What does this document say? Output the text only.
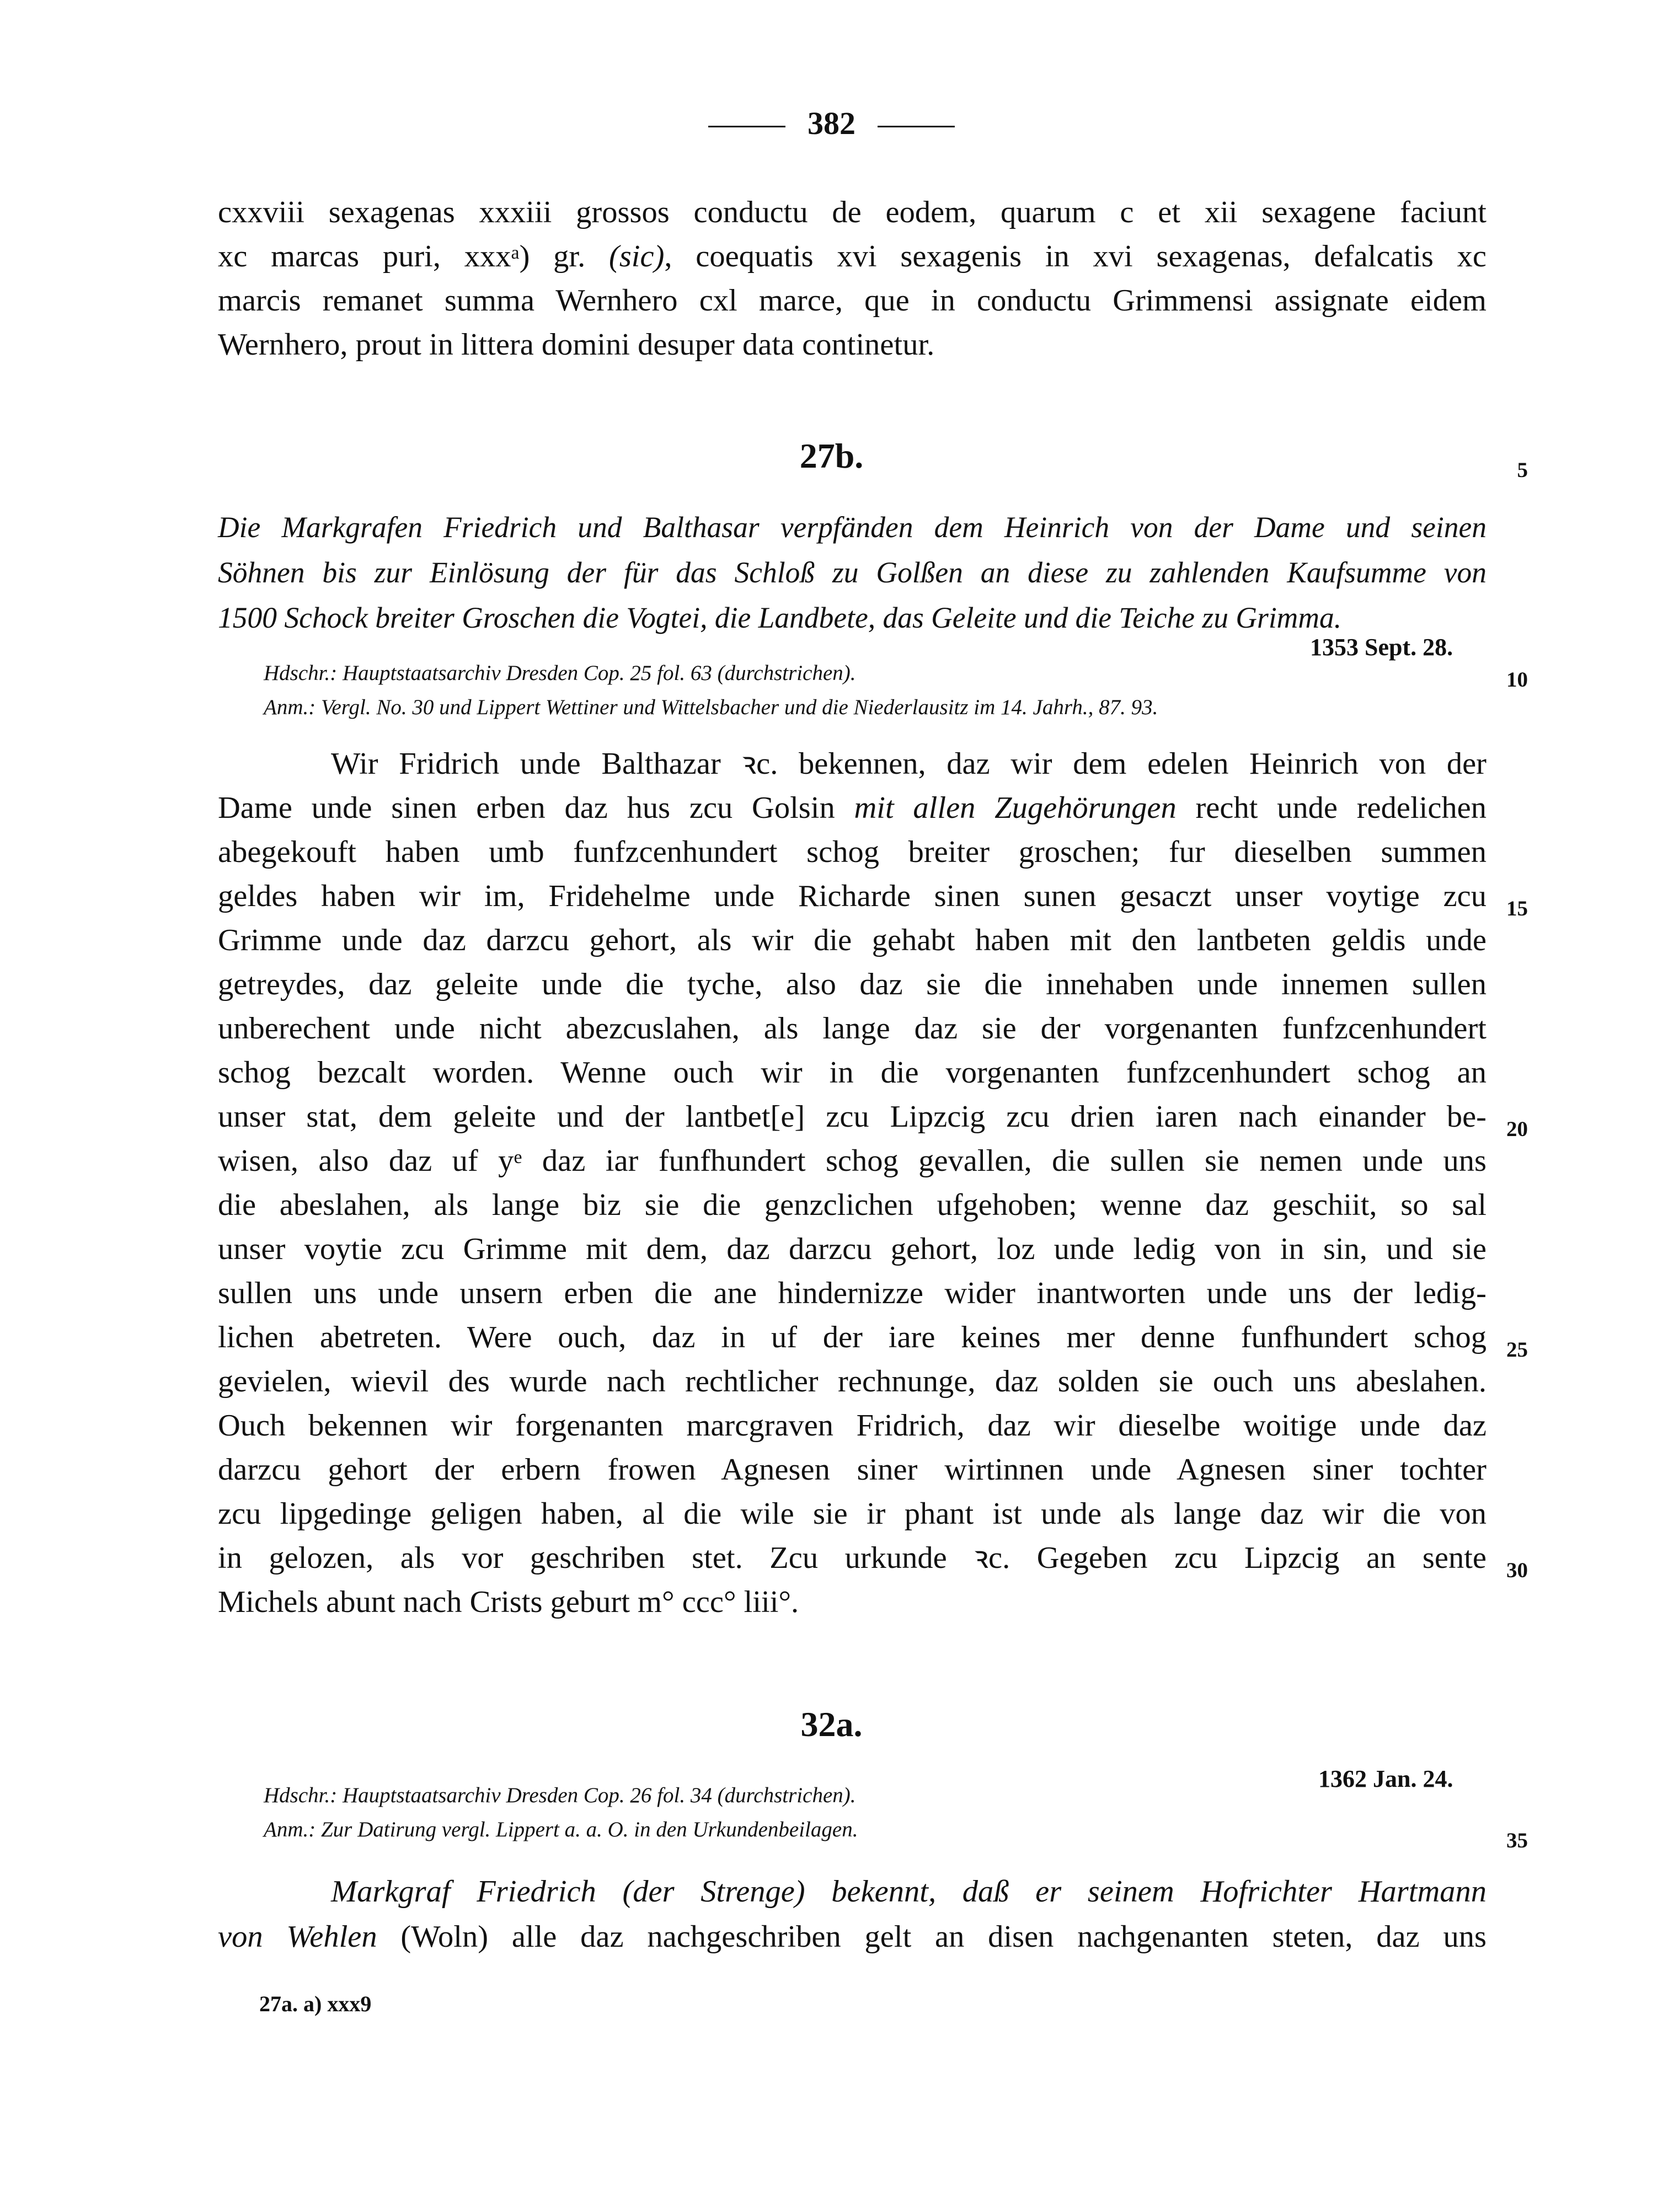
382
cxxviii sexagenas xxxiii grossos conductu de eodem, quarum c et xii sexagene faciunt
xc marcas puri, xxx$^a$) gr. (sic), coequatis xvi sexagenis in xvi sexagenas, defalcatis xc
marcis remanet summa Wernhero cxl marce, que in conductu Grimmensi assignate eidem
Wernhero, prout in littera domini desuper data continetur.
27b.
Die Markgrafen Friedrich und Balthasar verpfänden dem Heinrich von der Dame und seinen
Söhnen bis zur Einlösung der für das Schloß zu Golßen an diese zu zahlenden Kaufsumme von
1500 Schock breiter Groschen die Vogtei, die Landbete, das Geleite und die Teiche zu Grimma.
1353 Sept. 28.
Hdschr.: Hauptstaatsarchiv Dresden Cop. 25 fol. 63 (durchstrichen).
Anm.: Vergl. No. 30 und Lippert Wettiner und Wittelsbacher und die Niederlausitz im 14. Jahrh., 87. 93.
Wir Fridrich unde Balthazar ꝛc. bekennen, daz wir dem edelen Heinrich von der
Dame unde sinen erben daz hus zcu Golsin mit allen Zugehörungen recht unde redelichen
abegekouft haben umb funfzcenhundert schog breiter groschen; fur dieselben summen
geldes haben wir im, Fridehelme unde Richarde sinen sunen gesaczt unser voytige zcu
Grimme unde daz darzcu gehort, als wir die gehabt haben mit den lantbeten geldis unde
getreydes, daz geleite unde die tyche, also daz sie die innehaben unde innemen sullen
unberechent unde nicht abezcuslahen, als lange daz sie der vorgenanten funfzcenhundert
schog bezcalt worden. Wenne ouch wir in die vorgenanten funfzcenhundert schog an
unser stat, dem geleite und der lantbet[e] zcu Lipzcig zcu drien iaren nach einander be-
wisen, also daz uf $y^e$ daz iar funfhundert schog gevallen, die sullen sie nemen unde uns
die abeslahen, als lange biz sie die genzclichen ufgehoben; wenne daz geschiit, so sal
unser voytie zcu Grimme mit dem, daz darzcu gehort, loz unde ledig von in sin, und sie
sullen uns unde unsern erben die ane hindernizze wider inantworten unde uns der ledig-
lichen abetreten. Were ouch, daz in uf der iare keines mer denne funfhundert schog
gevielen, wievil des wurde nach rechtlicher rechnunge, daz solden sie ouch uns abeslahen.
Ouch bekennen wir forgenanten marcgraven Fridrich, daz wir dieselbe woitige unde daz
darzcu gehort der erbern frowen Agnesen siner wirtinnen unde Agnesen siner tochter
zcu lipgedinge geligen haben, al die wile sie ir phant ist unde als lange daz wir die von
in gelozen, als vor geschriben stet. Zcu urkunde ꝛc. Gegeben zcu Lipzcig an sente
Michels abunt nach Crists geburt m° ccc° liii°.
32a.
1362 Jan. 24.
Hdschr.: Hauptstaatsarchiv Dresden Cop. 26 fol. 34 (durchstrichen).
Anm.: Zur Datirung vergl. Lippert a. a. O. in den Urkundenbeilagen.
Markgraf Friedrich (der Strenge) bekennt, daß er seinem Hofrichter Hartmann
von Wehlen (Woln) alle daz nachgeschriben gelt an disen nachgenanten steten, daz uns
5
10
15
20
25
30
35
27a. a) xxx9
